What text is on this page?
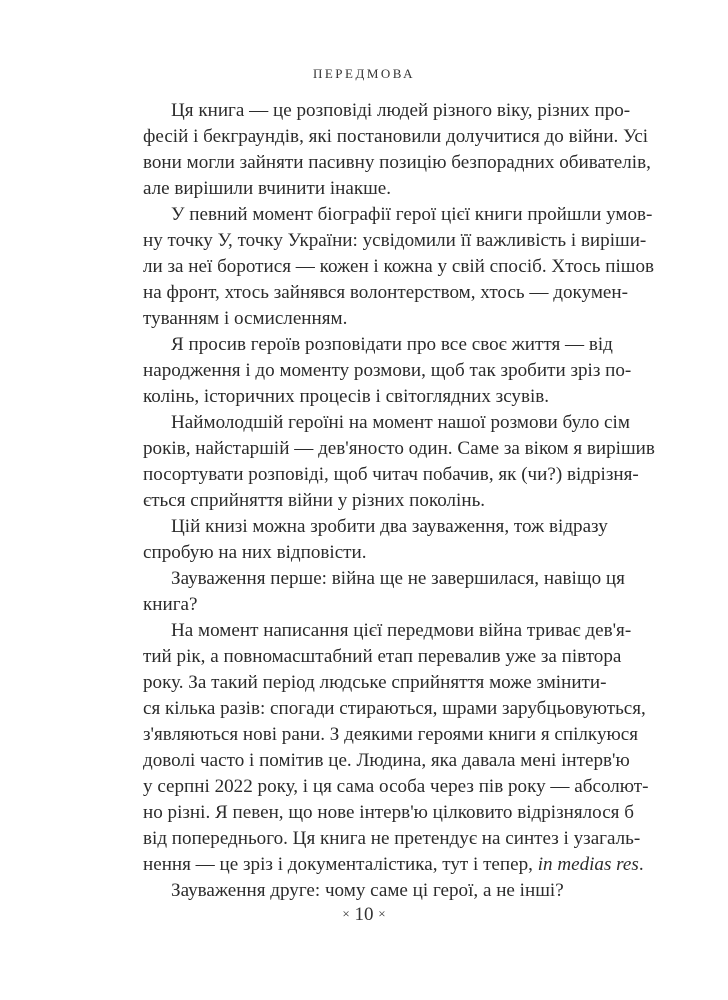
ПЕРЕДМОВА

Ця книга — це розповіді людей різного віку, різних про-
фесій і бекграундів, які постановили долучитися до війни. Усі
вони могли зайняти пасивну позицію безпорадних обивателів,
але вирішили вчинити інакше.

У певний момент біографії герої цієї книги пройшли умов-
ну точку У, точку України: усвідомили її важливість і виріши-
ли за неї боротися — кожен і кожна у свій спосіб. Хтось пішов
на фронт, хтось зайнявся волонтерством, хтось — докумен-
туванням і осмисленням.

Я просив героїв розповідати про все своє життя — від
народження і до моменту розмови, щоб так зробити зріз по-
колінь, історичних процесів і світоглядних зсувів.

Наймолодшій героїні на момент нашої розмови було сім
років, найстаршій — дев'яносто один. Саме за віком я вирішив
посортувати розповіді, щоб читач побачив, як (чи?) відрізня-
ється сприйняття війни у різних поколінь.

Цій книзі можна зробити два зауваження, тож відразу
спробую на них відповісти.

Зауваження перше: війна ще не завершилася, навіщо ця
книга?

На момент написання цієї передмови війна триває дев'я-
тий рік, а повномасштабний етап перевалив уже за півтора
року. За такий період людське сприйняття може змінити-
ся кілька разів: спогади стираються, шрами зарубцьовуються,
з'являються нові рани. З деякими героями книги я спілкуюся
доволі часто і помітив це. Людина, яка давала мені інтерв'ю
у серпні 2022 року, і ця сама особа через пів року — абсолют-
но різні. Я певен, що нове інтерв'ю цілковито відрізнялося б
від попереднього. Ця книга не претендує на синтез і узагаль-
нення — це зріз і документалістика, тут і тепер, in medias res.

Зауваження друге: чому саме ці герої, а не інші?

× 10 ×
